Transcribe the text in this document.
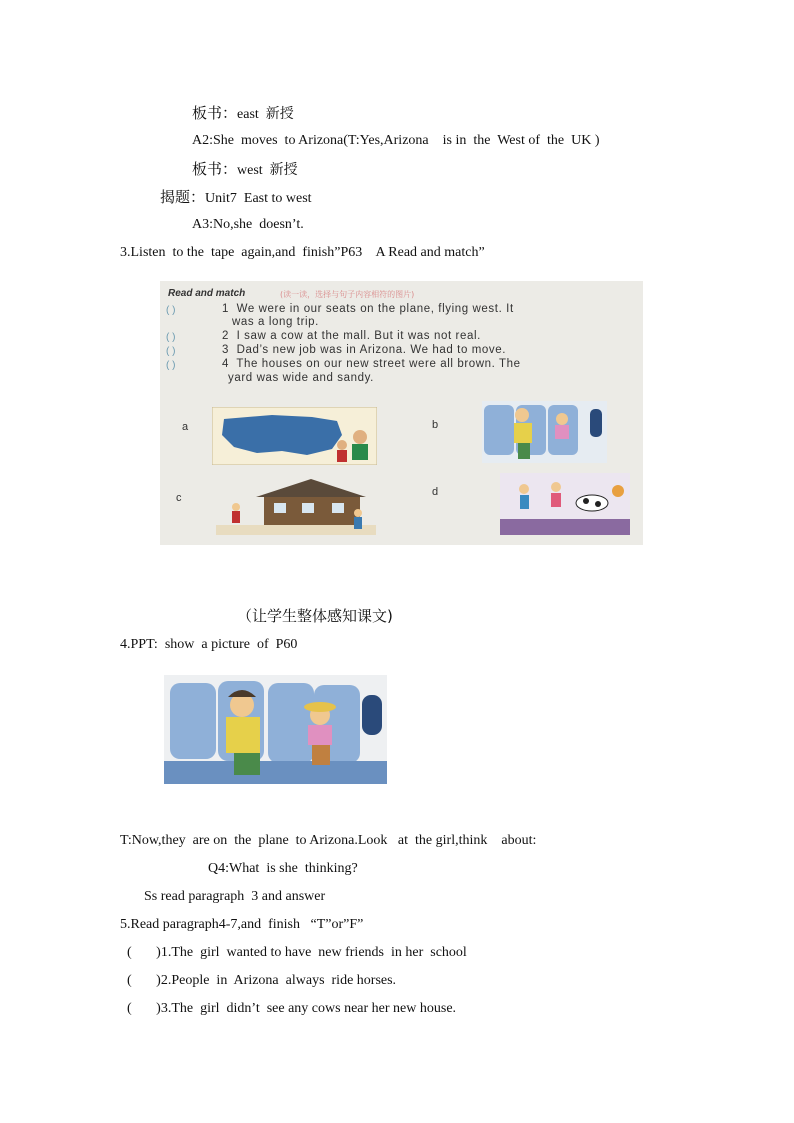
板书：east  新授
A2:She  moves  to Arizona(T:Yes,Arizona    is in  the  West of  the  UK )
板书：west  新授
揭题：Unit7  East to west
A3:No,she  doesn’t.
3.Listen  to the  tape  again,and  finish”P63    A Read and match”
Read and match	(读一读，选择与句子内容相符的图片)
( )	1  We were in our seats on the plane, flying west. It
was a long trip.
( )	2  I saw a cow at the mall. But it was not real.
( )	3  Dad’s new job was in Arizona. We had to move.
( )	4  The houses on our new street were all brown. The
yard was wide and sandy.
a	b
c	d
（让学生整体感知课文)
4.PPT:  show  a picture  of  P60
T:Now,they  are on  the  plane  to Arizona.Look   at  the girl,think    about:
Q4:What  is she  thinking?
Ss read paragraph  3 and answer
5.Read paragraph4-7,and  finish   “T”or”F”
(       )1.The  girl  wanted to have  new friends  in her  school
(       )2.People  in  Arizona  always  ride horses.
(       )3.The  girl  didn’t  see any cows near her new house.
